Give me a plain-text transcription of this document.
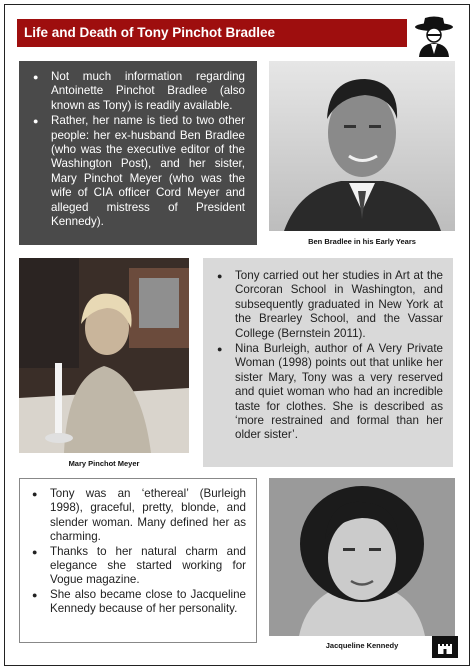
Life and Death of Tony Pinchot Bradlee
● Not much information regarding Antoinette Pinchot Bradlee (also known as Tony) is readily available.
● Rather, her name is tied to two other people: her ex-husband Ben Bradlee (who was the executive editor of the Washington Post), and her sister, Mary Pinchot Meyer (who was the wife of CIA officer Cord Meyer and alleged mistress of President Kennedy).
Ben Bradlee in his Early Years
Mary Pinchot Meyer
● Tony carried out her studies in Art at the Corcoran School in Washington, and subsequently graduated in New York at the Brearley School, and the Vassar College (Bernstein 2011).
● Nina Burleigh, author of A Very Private Woman (1998) points out that unlike her sister Mary, Tony was a very reserved and quiet woman who had an incredible taste for clothes. She is described as ‘more restrained and formal than her older sister’.
● Tony was an ‘ethereal’ (Burleigh 1998), graceful, pretty, blonde, and slender woman. Many defined her as charming.
● Thanks to her natural charm and elegance she started working for Vogue magazine.
● She also became close to Jacqueline Kennedy because of her personality.
Jacqueline Kennedy
